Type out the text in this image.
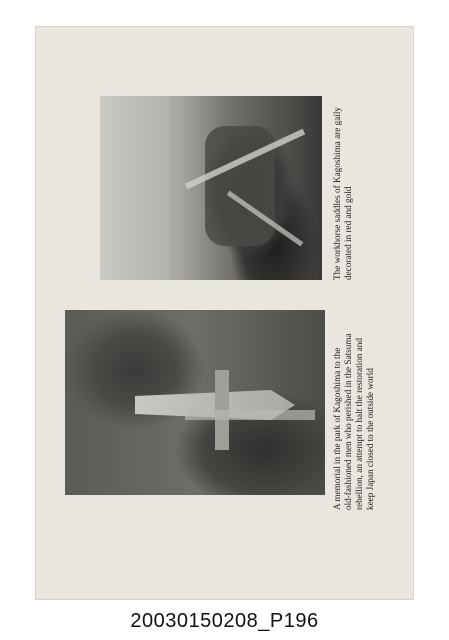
The workhorse saddles of Kagoshima are gaily decorated in red and gold
A memorial in the park of Kagoshima to the old-fashioned men who perished in the Satsuma rebellion, an attempt to halt the restoration and keep Japan closed to the outside world
20030150208_P196
